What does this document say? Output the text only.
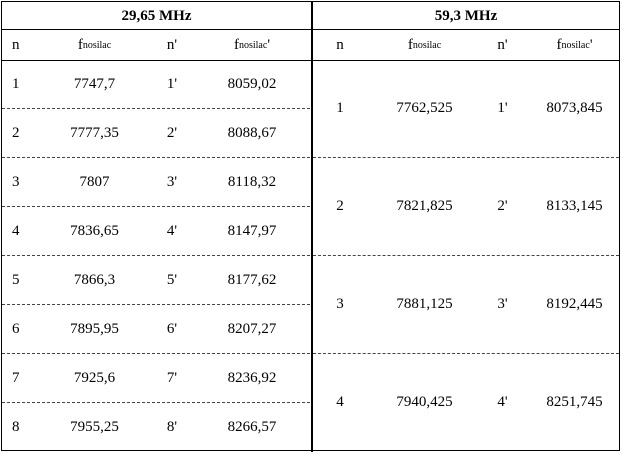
29,65 MHz	59,3 MHz
n	f nosilac	n'	f nosilac '	n	f nosilac	n'	f nosilac '
1	7747,7	1'	8059,02
2	7777,35	2'	8088,67
3	7807	3'	8118,32
4	7836,65	4'	8147,97
5	7866,3	5'	8177,62
6	7895,95	6'	8207,27
7	7925,6	7'	8236,92
8	7955,25	8'	8266,57
1	7762,525	1'	8073,845
2	7821,825	2'	8133,145
3	7881,125	3'	8192,445
4	7940,425	4'	8251,745
